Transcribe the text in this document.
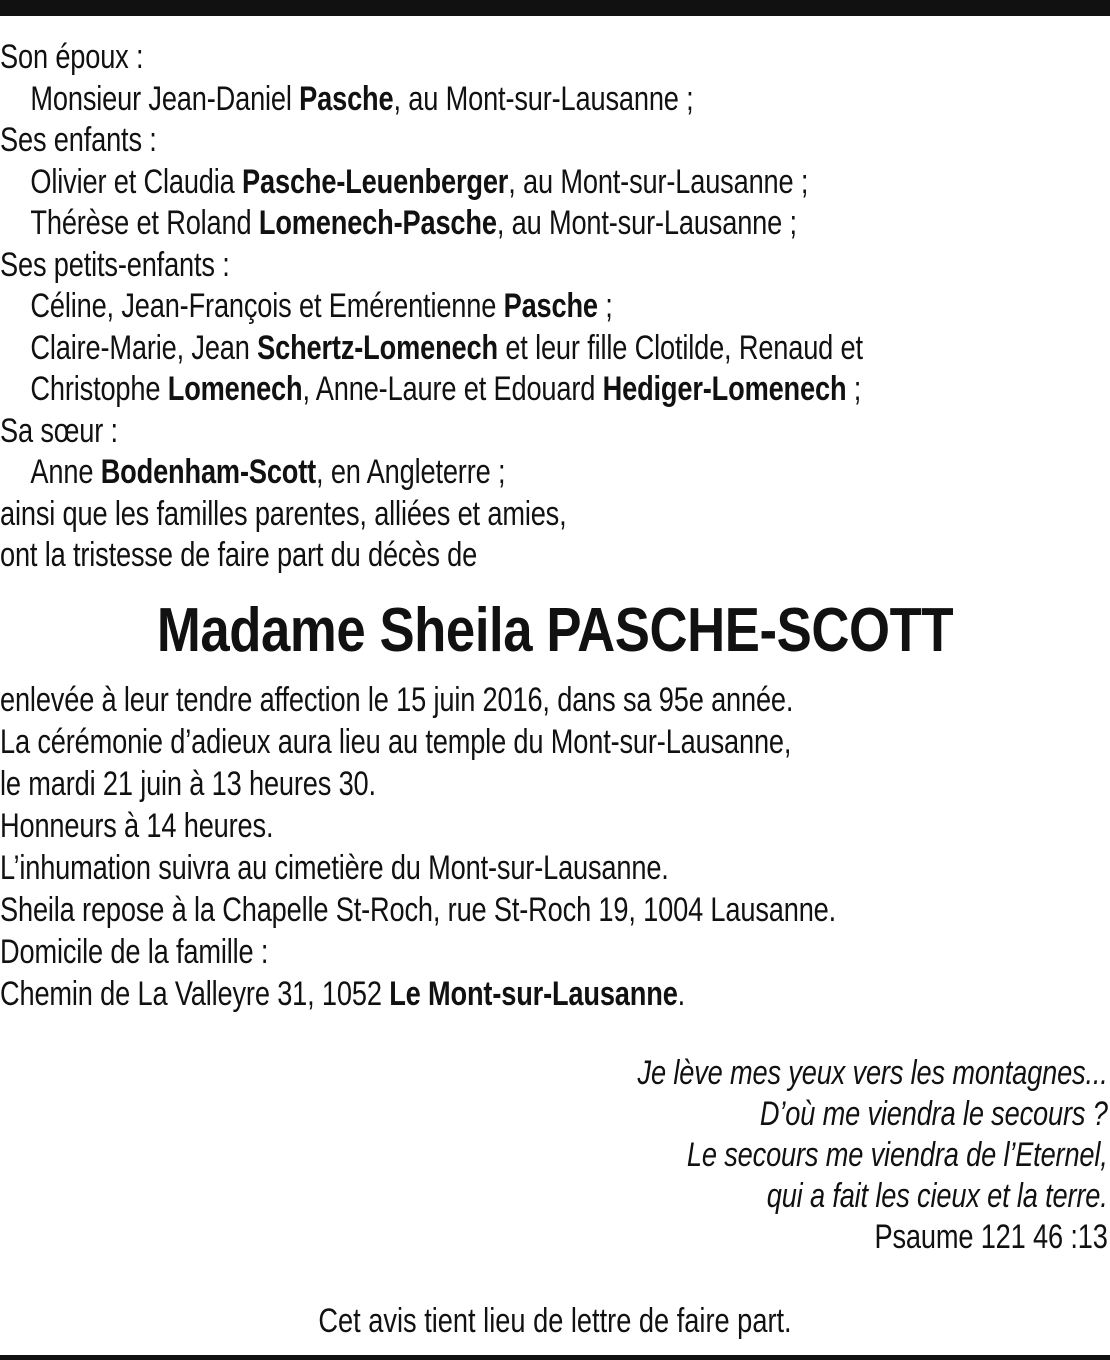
Son époux :
Monsieur Jean-Daniel Pasche, au Mont-sur-Lausanne ;
Ses enfants :
Olivier et Claudia Pasche-Leuenberger, au Mont-sur-Lausanne ;
Thérèse et Roland Lomenech-Pasche, au Mont-sur-Lausanne ;
Ses petits-enfants :
Céline, Jean-François et Emérentienne Pasche ;
Claire-Marie, Jean Schertz-Lomenech et leur fille Clotilde, Renaud et
Christophe Lomenech, Anne-Laure et Edouard Hediger-Lomenech ;
Sa sœur :
Anne Bodenham-Scott, en Angleterre ;
ainsi que les familles parentes, alliées et amies,
ont la tristesse de faire part du décès de
Madame Sheila PASCHE-SCOTT
enlevée à leur tendre affection le 15 juin 2016, dans sa 95e année.
La cérémonie d’adieux aura lieu au temple du Mont-sur-Lausanne,
le mardi 21 juin à 13 heures 30.
Honneurs à 14 heures.
L’inhumation suivra au cimetière du Mont-sur-Lausanne.
Sheila repose à la Chapelle St-Roch, rue St-Roch 19, 1004 Lausanne.
Domicile de la famille :
Chemin de La Valleyre 31, 1052 Le Mont-sur-Lausanne.
Je lève mes yeux vers les montagnes...
D’où me viendra le secours ?
Le secours me viendra de l’Eternel,
qui a fait les cieux et la terre.
Psaume 121 46 :13
Cet avis tient lieu de lettre de faire part.
